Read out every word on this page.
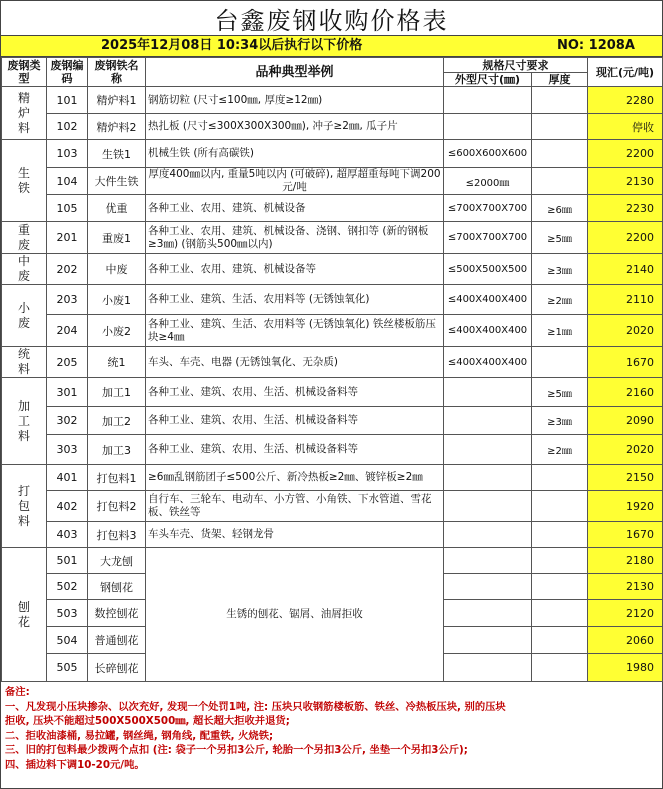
台鑫废钢收购价格表
2025年12月08日 10:34以后执行以下价格	NO: 1208A
废钢类型	废钢编码	废钢铁名称	品种典型举例	规格尺寸要求		现汇(元/吨)
				外型尺寸(㎜)	厚度	

精炉料	101	精炉料1	钢筋切粒 (尺寸≤100㎜, 厚度≥12㎜)			2280
	102	精炉料2	热扎板 (尺寸≤300X300X300㎜), 冲子≥2㎜, 瓜子片			停收

生铁	103	生铁1	机械生铁 (所有高碳铁)	≤600X600X600		2200
	104	大件生铁	厚度400㎜以内, 重量5吨以内 (可破碎), 超厚超重每吨下调200元/吨	≤2000㎜		2130
	105	优重	各种工业、农用、建筑、机械设备	≤700X700X700	≥6㎜	2230

重废	201	重废1	各种工业、农用、建筑、机械设备、浇钢、钢扣等 (新的钢板≥3㎜) (钢筋头500㎜以内)	≤700X700X700	≥5㎜	2200

中废	202	中废	各种工业、农用、建筑、机械设备等	≤500X500X500	≥3㎜	2140

小废	203	小废1	各种工业、建筑、生活、农用料等 (无锈蚀氧化)	≤400X400X400	≥2㎜	2110
	204	小废2	各种工业、建筑、生活、农用料等 (无锈蚀氧化) 铁丝楼板筋压块≥4㎜	≤400X400X400	≥1㎜	2020

统料	205	统1	车头、车壳、电器 (无锈蚀氧化、无杂质)	≤400X400X400		1670

加工料	301	加工1	各种工业、建筑、农用、生活、机械设备料等		≥5㎜	2160
	302	加工2	各种工业、建筑、农用、生活、机械设备料等		≥3㎜	2090
	303	加工3	各种工业、建筑、农用、生活、机械设备料等		≥2㎜	2020

打包料	401	打包料1	≥6㎜乱钢筋团子≤500公斤、新冷热板≥2㎜、镀锌板≥2㎜			2150
	402	打包料2	自行车、三轮车、电动车、小方管、小角铁、下水管道、雪花板、铁丝等			1920
	403	打包料3	车头车壳、货架、轻钢龙骨			1670

刨花	501	大龙刨	生锈的刨花、锯屑、油屑拒收			2180
	502	钢刨花				2130
	503	数控刨花				2120
	504	普通刨花				2060
	505	长碎刨花				1980
备注:
一、凡发现小压块掺杂、以次充好, 发现一个处罚1吨, 注: 压块只收钢筋楼板筋、铁丝、冷热板压块, 别的压块
拒收, 压块不能超过500X500X500㎜, 超长超大拒收并退货;
二、拒收油漆桶, 易拉罐, 钢丝绳, 钢角线, 配重铁, 火烧铁;
三、旧的打包料最少拨两个点扣 (注: 袋子一个另扣3公斤, 轮胎一个另扣3公斤, 坐垫一个另扣3公斤);
四、插边料下调10-20元/吨。
